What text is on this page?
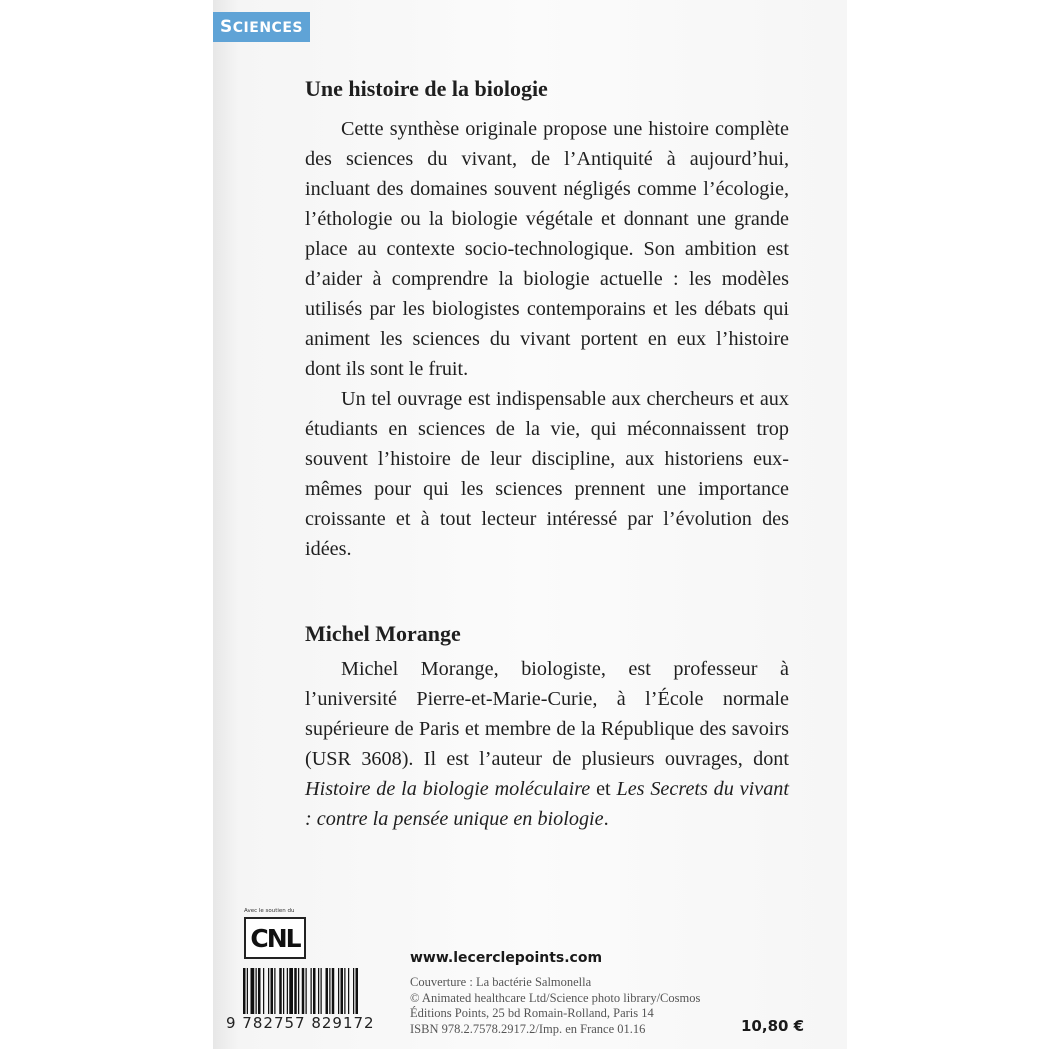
SCIENCES
Une histoire de la biologie

Cette synthèse originale propose une histoire complète des sciences du vivant, de l’Antiquité à aujourd’hui, incluant des domaines souvent négligés comme l’écologie, l’éthologie ou la biologie végétale et donnant une grande place au contexte socio-technologique. Son ambition est d’aider à comprendre la biologie actuelle : les modèles utilisés par les biologistes contemporains et les débats qui animent les sciences du vivant portent en eux l’histoire dont ils sont le fruit.

Un tel ouvrage est indispensable aux chercheurs et aux étudiants en sciences de la vie, qui méconnaissent trop souvent l’histoire de leur discipline, aux historiens eux-mêmes pour qui les sciences prennent une importance croissante et à tout lecteur intéressé par l’évolution des idées.

Michel Morange

Michel Morange, biologiste, est professeur à l’université Pierre-et-Marie-Curie, à l’École normale supérieure de Paris et membre de la République des savoirs (USR 3608). Il est l’auteur de plusieurs ouvrages, dont Histoire de la biologie moléculaire et Les Secrets du vivant : contre la pensée unique en biologie.

Avec le soutien du
CNL
9 782757 829172
www.lecerclepoints.com
Couverture : La bactérie Salmonella
© Animated healthcare Ltd/Science photo library/Cosmos
Éditions Points, 25 bd Romain-Rolland, Paris 14
ISBN 978.2.7578.2917.2/Imp. en France 01.16	10,80 €
